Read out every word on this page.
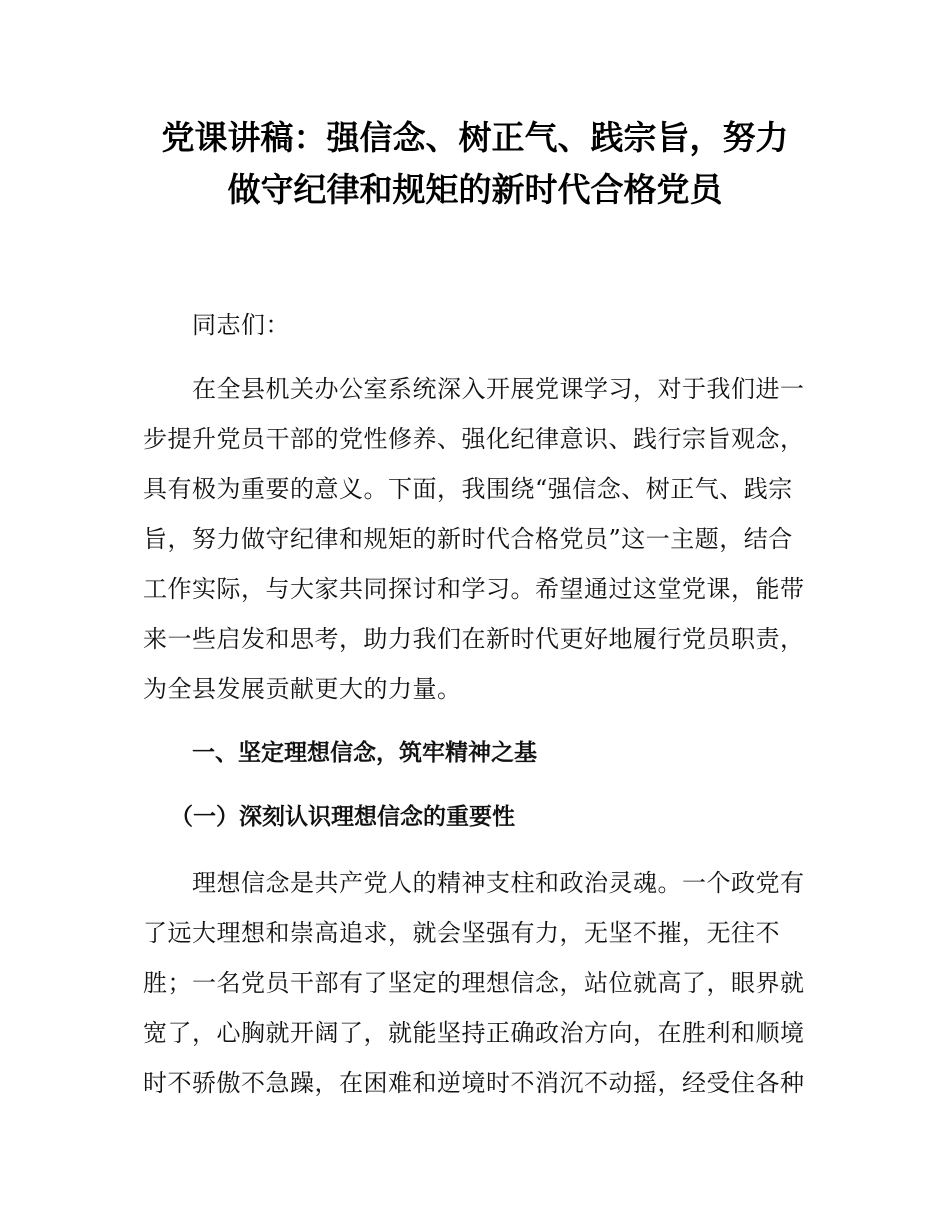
党课讲稿：强信念、树正气、践宗旨，努力
做守纪律和规矩的新时代合格党员
同志们：
在全县机关办公室系统深入开展党课学习，对于我们进一
步提升党员干部的党性修养、强化纪律意识、践行宗旨观念，
具有极为重要的意义。下面，我围绕“强信念、树正气、践宗
旨，努力做守纪律和规矩的新时代合格党员”这一主题，结合
工作实际，与大家共同探讨和学习。希望通过这堂党课，能带
来一些启发和思考，助力我们在新时代更好地履行党员职责，
为全县发展贡献更大的力量。
一、坚定理想信念，筑牢精神之基
（一）深刻认识理想信念的重要性
理想信念是共产党人的精神支柱和政治灵魂。一个政党有
了远大理想和崇高追求，就会坚强有力，无坚不摧，无往不
胜；一名党员干部有了坚定的理想信念，站位就高了，眼界就
宽了，心胸就开阔了，就能坚持正确政治方向，在胜利和顺境
时不骄傲不急躁，在困难和逆境时不消沉不动摇，经受住各种
